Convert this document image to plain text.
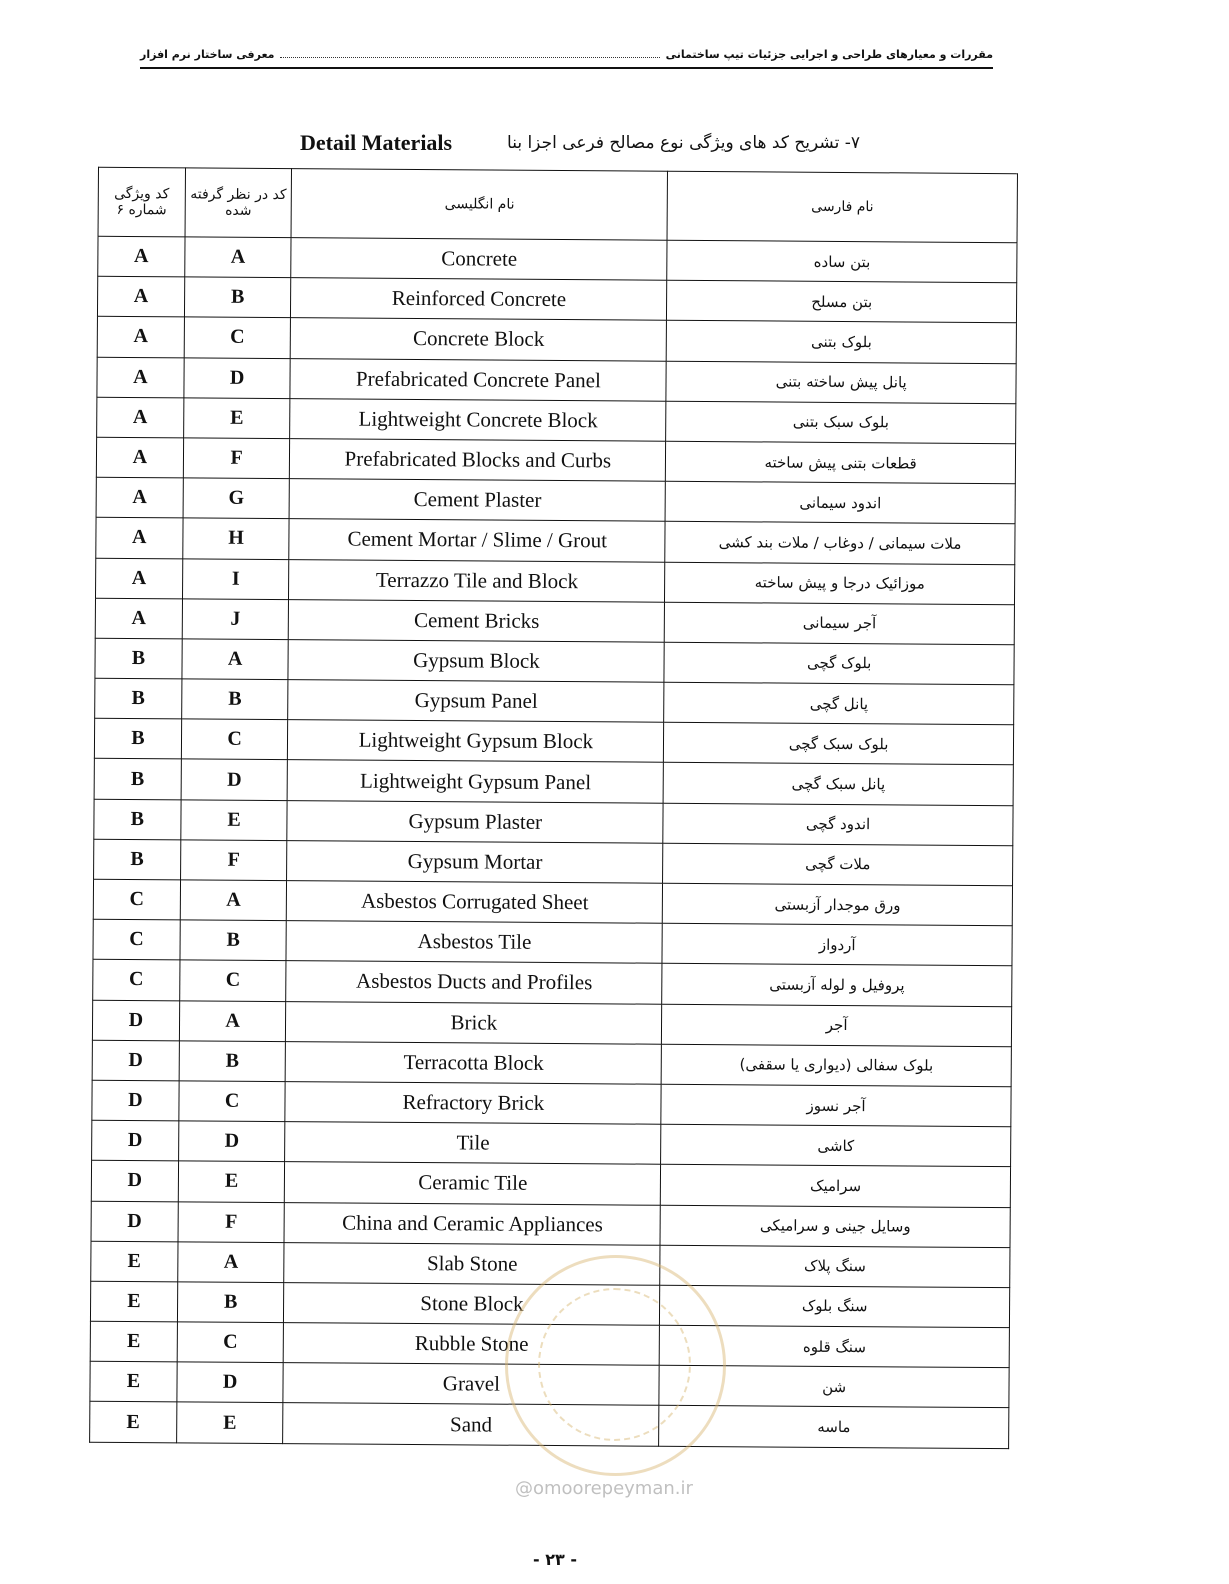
معرفی ساختار نرم افزار	مقررات و معیارهای طراحی و اجرایی جزئیات تیپ ساختمانی
Detail Materials	۷- تشریح کد های ویژگی نوع مصالح فرعی اجزا بنا
کد ویژگی شماره ۶	کد در نظر گرفته شده	نام انگلیسی	نام فارسی
A	A	Concrete	بتن ساده
A	B	Reinforced Concrete	بتن مسلح
A	C	Concrete Block	بلوک بتنی
A	D	Prefabricated Concrete Panel	پانل پیش ساخته بتنی
A	E	Lightweight Concrete Block	بلوک سبک بتنی
A	F	Prefabricated Blocks and Curbs	قطعات بتنی پیش ساخته
A	G	Cement Plaster	اندود سیمانی
A	H	Cement Mortar / Slime / Grout	ملات سیمانی / دوغاب / ملات بند کشی
A	I	Terrazzo Tile and Block	موزائیک درجا و پیش ساخته
A	J	Cement Bricks	آجر سیمانی
B	A	Gypsum Block	بلوک گچی
B	B	Gypsum Panel	پانل گچی
B	C	Lightweight Gypsum Block	بلوک سبک گچی
B	D	Lightweight Gypsum Panel	پانل سبک گچی
B	E	Gypsum Plaster	اندود گچی
B	F	Gypsum Mortar	ملات گچی
C	A	Asbestos Corrugated Sheet	ورق موجدار آزبستی
C	B	Asbestos Tile	آردواز
C	C	Asbestos Ducts and Profiles	پروفیل و لوله آزبستی
D	A	Brick	آجر
D	B	Terracotta Block	بلوک سفالی (دیواری یا سقفی)
D	C	Refractory Brick	آجر نسوز
D	D	Tile	کاشی
D	E	Ceramic Tile	سرامیک
D	F	China and Ceramic Appliances	وسایل جینی و سرامیکی
E	A	Slab Stone	سنگ پلاک
E	B	Stone Block	سنگ بلوک
E	C	Rubble Stone	سنگ قلوه
E	D	Gravel	شن
E	E	Sand	ماسه
@omoorepeyman.ir
- ۲۳ -
